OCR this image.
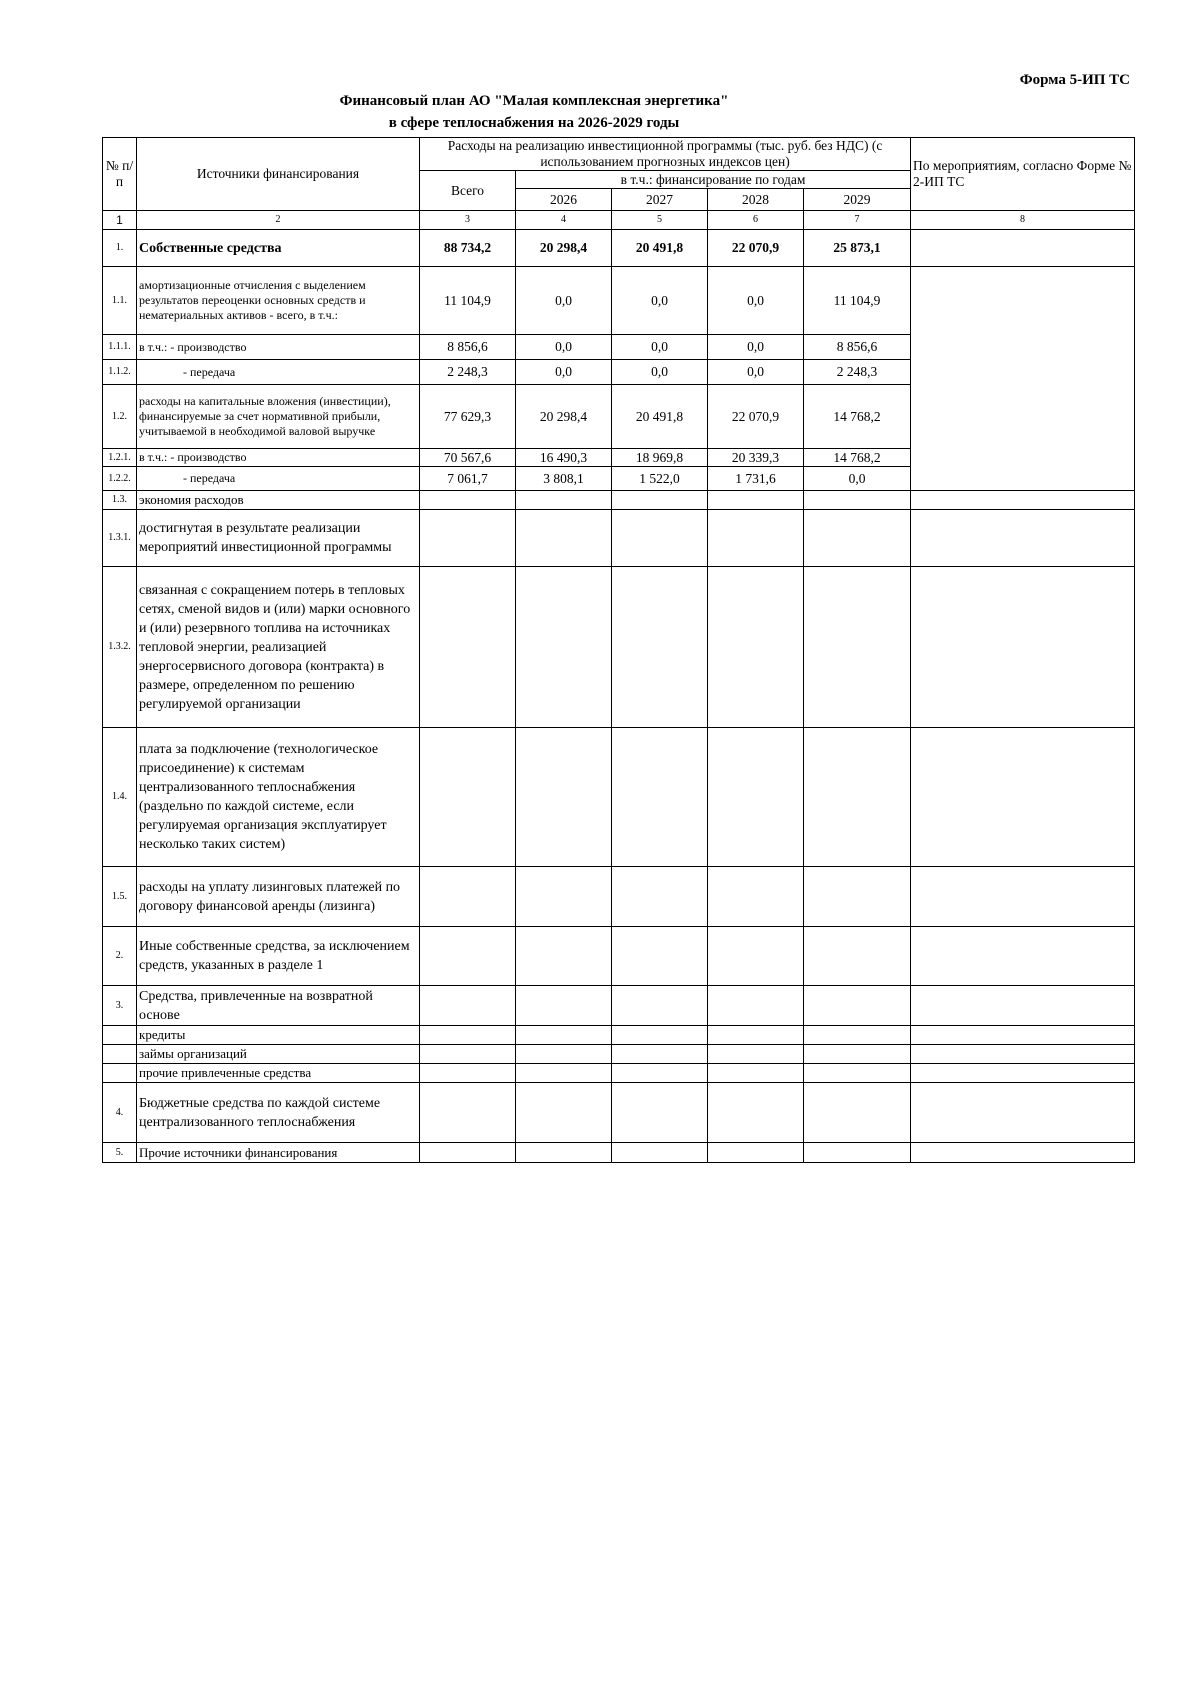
Форма 5-ИП ТС
Финансовый план АО "Малая комплексная энергетика"
в сфере теплоснабжения на 2026-2029 годы
№ п/п	Источники финансирования	Расходы на реализацию инвестиционной программы (тыс. руб. без НДС) (с использованием прогнозных индексов цен)					По мероприятиям, согласно Форме № 2-ИП ТС
		Всего	в т.ч.: финансирование по годам				
			2026	2027	2028	2029	
1	2	3	4	5	6	7	8
1.	Собственные средства	88 734,2	20 298,4	20 491,8	22 070,9	25 873,1	
1.1.	амортизационные отчисления с выделением результатов переоценки основных средств и нематериальных активов - всего, в т.ч.:	11 104,9	0,0	0,0	0,0	11 104,9	
1.1.1.	в т.ч.: - производство	8 856,6	0,0	0,0	0,0	8 856,6	
1.1.2.	- передача	2 248,3	0,0	0,0	0,0	2 248,3	
1.2.	расходы на капитальные вложения (инвестиции), финансируемые за счет нормативной прибыли, учитываемой в необходимой валовой выручке	77 629,3	20 298,4	20 491,8	22 070,9	14 768,2	
1.2.1.	в т.ч.: - производство	70 567,6	16 490,3	18 969,8	20 339,3	14 768,2	
1.2.2.	- передача	7 061,7	3 808,1	1 522,0	1 731,6	0,0	
1.3.	экономия расходов						
1.3.1.	достигнутая в результате реализации мероприятий инвестиционной программы						
1.3.2.	связанная с сокращением потерь в тепловых сетях, сменой видов и (или) марки основного и (или) резервного топлива на источниках тепловой энергии, реализацией энергосервисного договора (контракта) в размере, определенном по решению регулируемой организации						
1.4.	плата за подключение (технологическое присоединение) к системам централизованного теплоснабжения (раздельно по каждой системе, если регулируемая организация эксплуатирует несколько таких систем)						
1.5.	расходы на уплату лизинговых платежей по договору финансовой аренды (лизинга)						
2.	Иные собственные средства, за исключением средств, указанных в разделе 1						
3.	Средства, привлеченные на возвратной основе						
	кредиты						
	займы организаций						
	прочие привлеченные средства						
4.	Бюджетные средства по каждой системе централизованного теплоснабжения						
5.	Прочие источники финансирования						
